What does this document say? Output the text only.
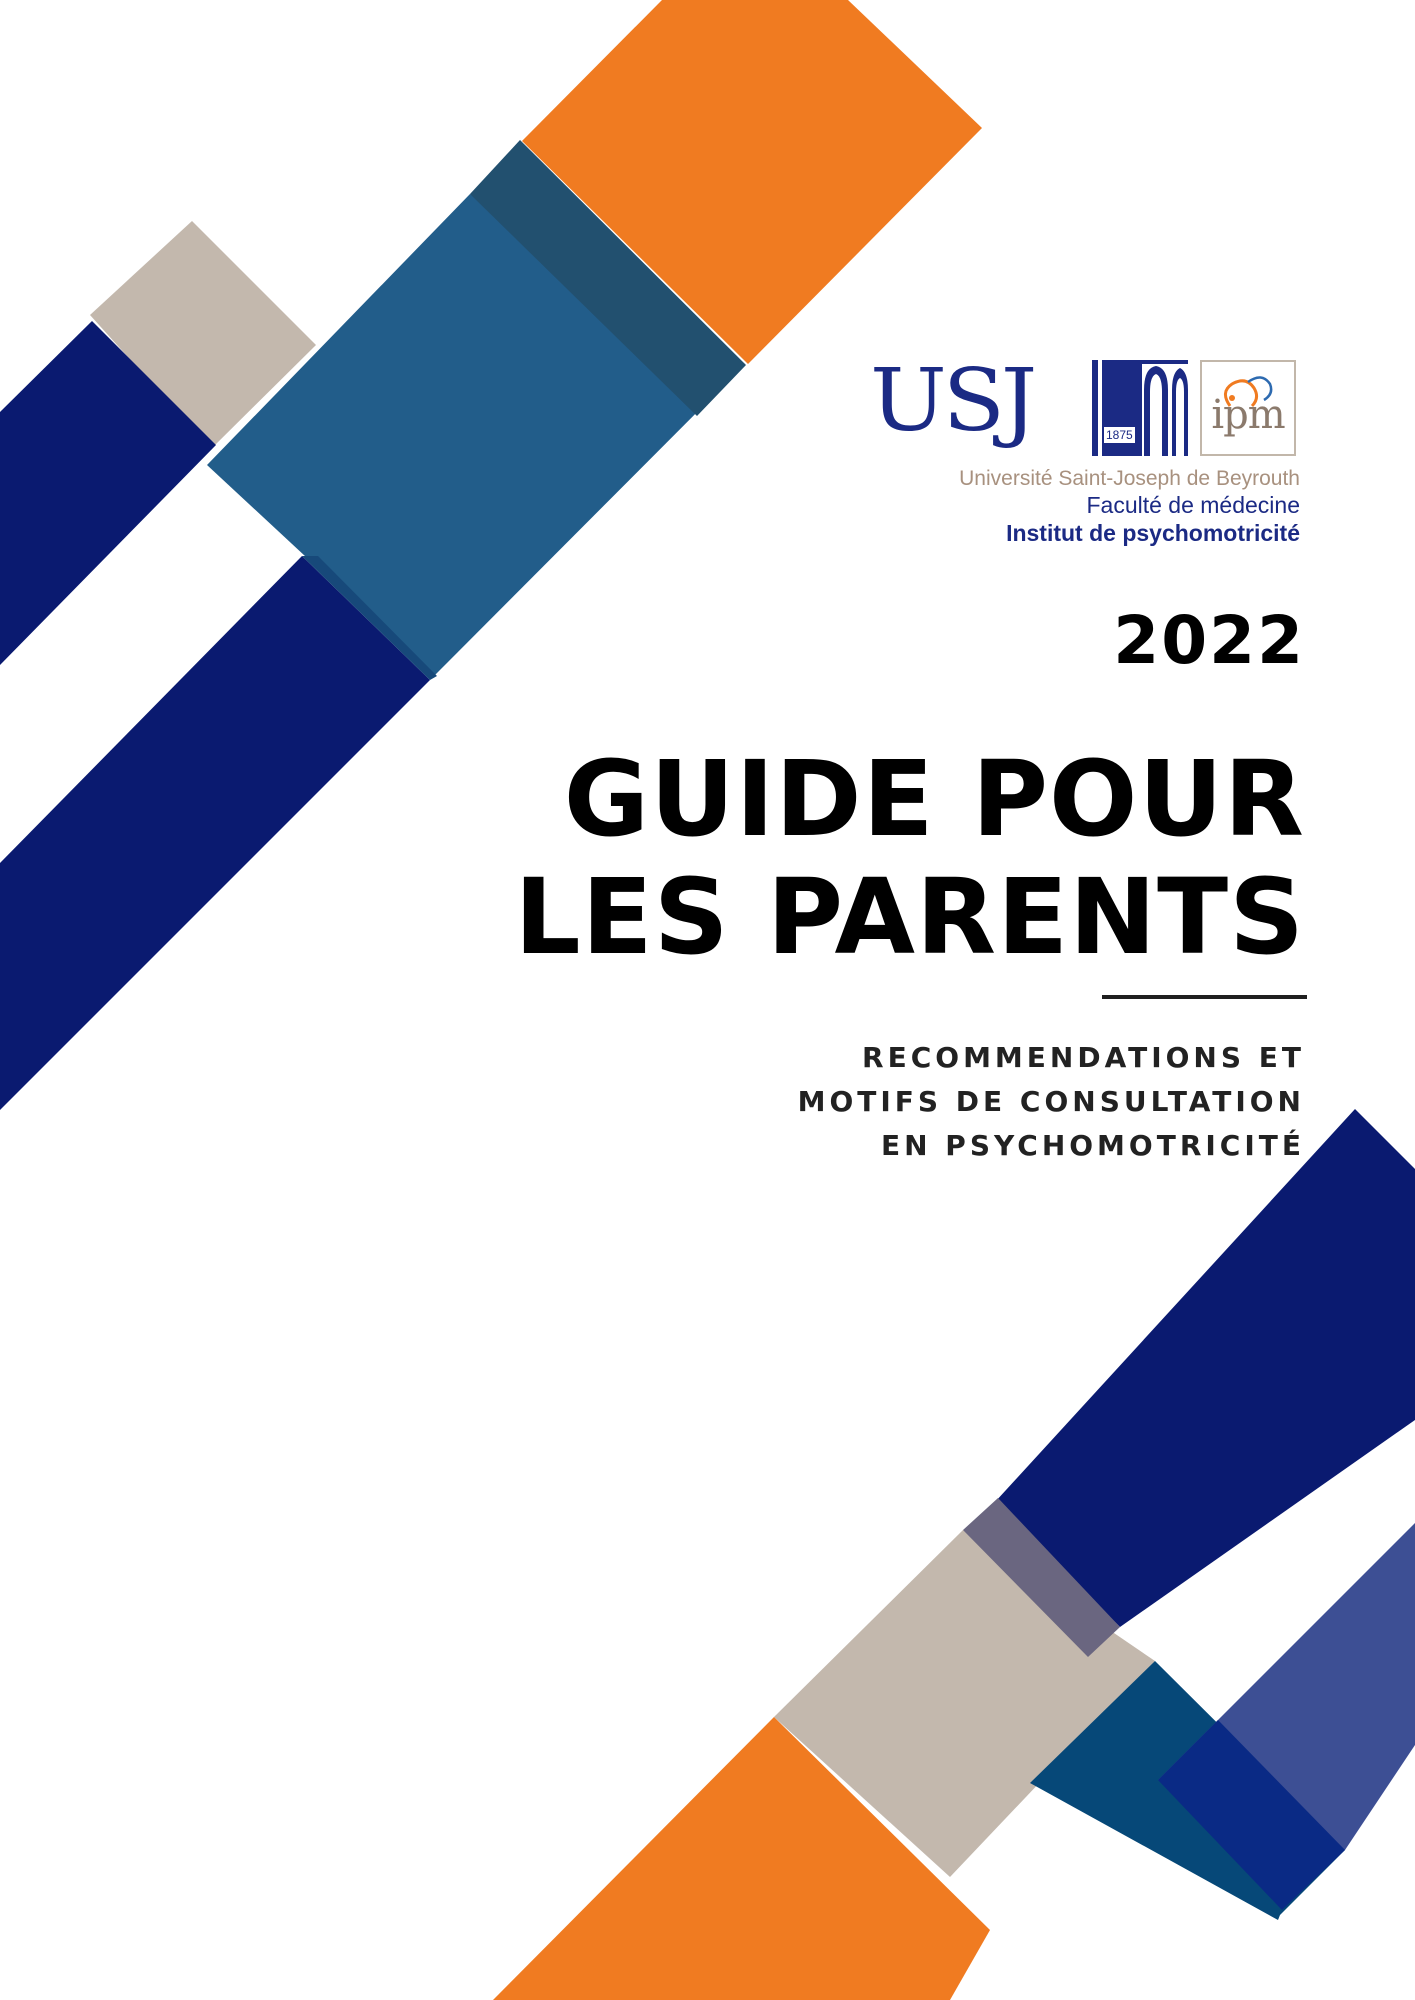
USJ	1875 ipm
Université Saint-Joseph de Beyrouth
Faculté de médecine
Institut de psychomotricité
2022
GUIDE POUR
LES PARENTS
RECOMMENDATIONS ET
MOTIFS DE CONSULTATION
EN PSYCHOMOTRICITÉ
